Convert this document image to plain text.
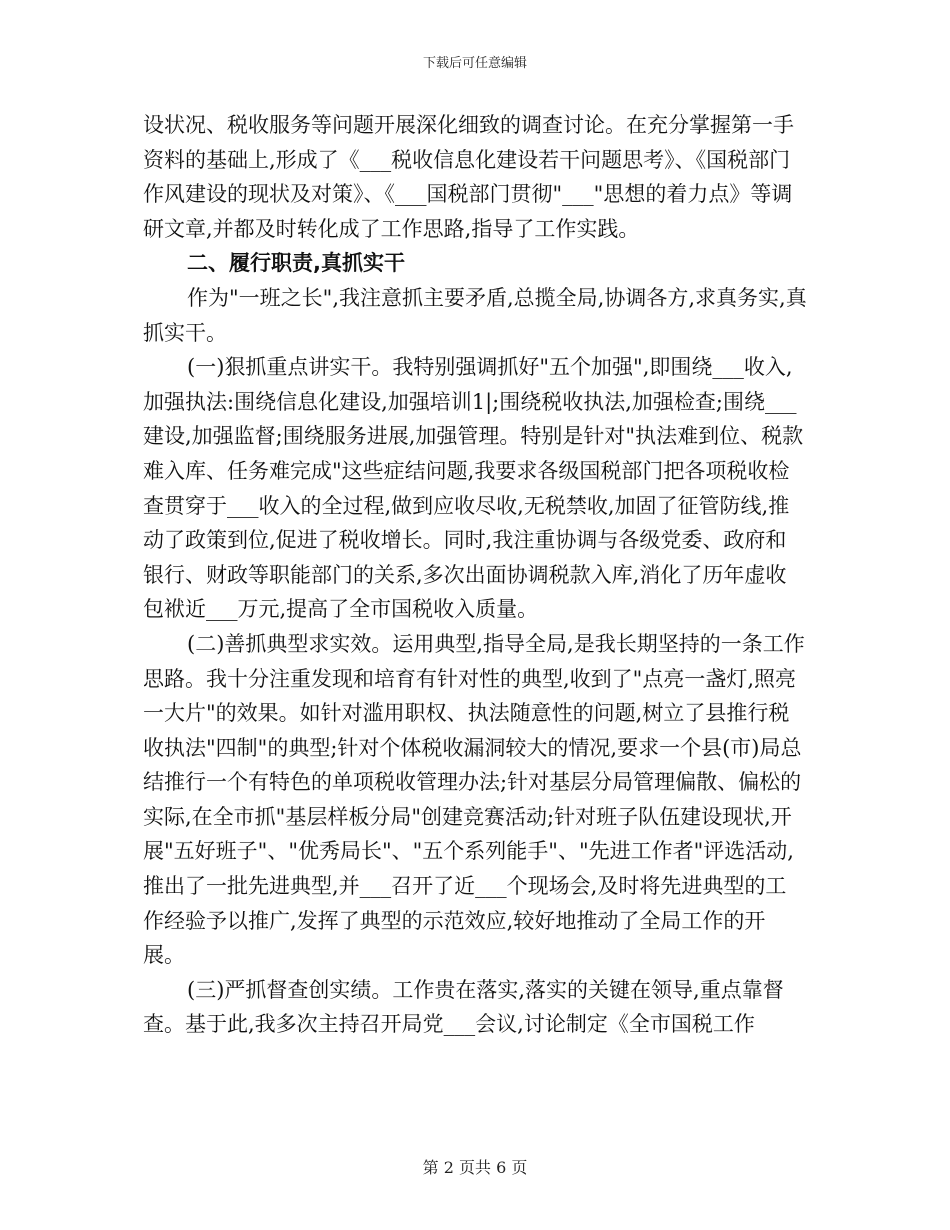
下载后可任意编辑

设状况、税收服务等问题开展深化细致的调查讨论。在充分掌握第一手资料的基础上,形成了《___税收信息化建设若干问题思考》、《国税部门作风建设的现状及对策》、《___国税部门贯彻"___"思想的着力点》等调研文章,并都及时转化成了工作思路,指导了工作实践。

二、履行职责,真抓实干

作为"一班之长",我注意抓主要矛盾,总揽全局,协调各方,求真务实,真抓实干。

(一)狠抓重点讲实干。我特别强调抓好"五个加强",即围绕___收入,加强执法:围绕信息化建设,加强培训1|;围绕税收执法,加强检查;围绕___建设,加强监督;围绕服务进展,加强管理。特别是针对"执法难到位、税款难入库、任务难完成"这些症结问题,我要求各级国税部门把各项税收检查贯穿于___收入的全过程,做到应收尽收,无税禁收,加固了征管防线,推动了政策到位,促进了税收增长。同时,我注重协调与各级党委、政府和银行、财政等职能部门的关系,多次出面协调税款入库,消化了历年虚收包袱近___万元,提高了全市国税收入质量。

(二)善抓典型求实效。运用典型,指导全局,是我长期坚持的一条工作思路。我十分注重发现和培育有针对性的典型,收到了"点亮一盏灯,照亮一大片"的效果。如针对滥用职权、执法随意性的问题,树立了县推行税收执法"四制"的典型;针对个体税收漏洞较大的情况,要求一个县(市)局总结推行一个有特色的单项税收管理办法;针对基层分局管理偏散、偏松的实际,在全市抓"基层样板分局"创建竞赛活动;针对班子队伍建设现状,开展"五好班子"、"优秀局长"、"五个系列能手"、"先进工作者"评选活动,推出了一批先进典型,并___召开了近___个现场会,及时将先进典型的工作经验予以推广,发挥了典型的示范效应,较好地推动了全局工作的开展。

(三)严抓督查创实绩。工作贵在落实,落实的关键在领导,重点靠督查。基于此,我多次主持召开局党___会议,讨论制定《全市国税工作

第 2 页共 6 页
